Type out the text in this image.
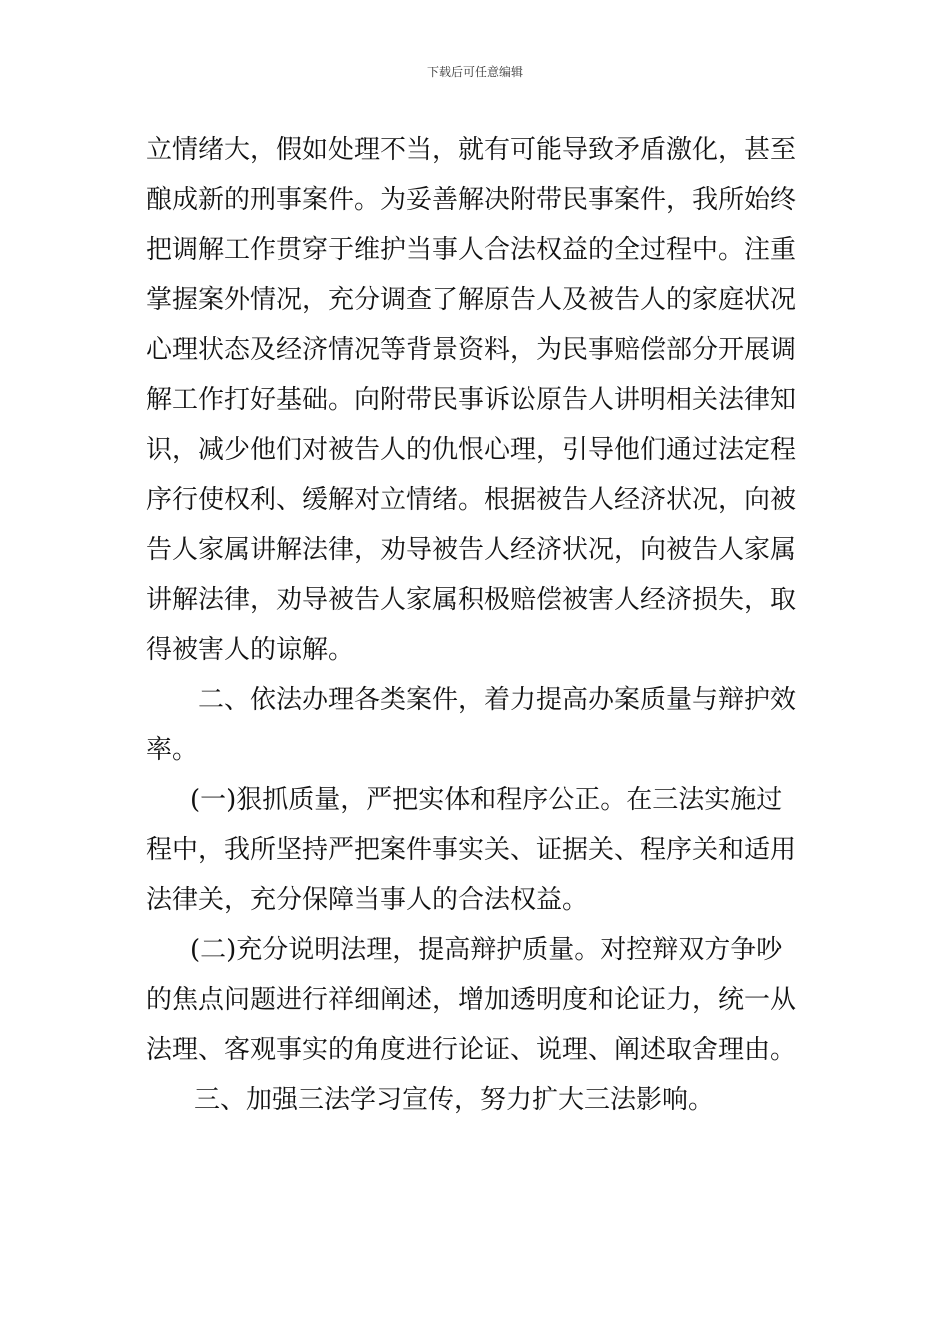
下载后可任意编辑
立情绪大，假如处理不当，就有可能导致矛盾激化，甚至
酿成新的刑事案件。为妥善解决附带民事案件，我所始终
把调解工作贯穿于维护当事人合法权益的全过程中。注重
掌握案外情况，充分调查了解原告人及被告人的家庭状况
心理状态及经济情况等背景资料，为民事赔偿部分开展调
解工作打好基础。向附带民事诉讼原告人讲明相关法律知
识，减少他们对被告人的仇恨心理，引导他们通过法定程
序行使权利、缓解对立情绪。根据被告人经济状况，向被
告人家属讲解法律，劝导被告人经济状况，向被告人家属
讲解法律，劝导被告人家属积极赔偿被害人经济损失，取
得被害人的谅解。
二、依法办理各类案件，着力提高办案质量与辩护效
率。
(一)狠抓质量，严把实体和程序公正。在三法实施过
程中，我所坚持严把案件事实关、证据关、程序关和适用
法律关，充分保障当事人的合法权益。
(二)充分说明法理，提高辩护质量。对控辩双方争吵
的焦点问题进行祥细阐述，增加透明度和论证力，统一从
法理、客观事实的角度进行论证、说理、阐述取舍理由。
三、加强三法学习宣传，努力扩大三法影响。
